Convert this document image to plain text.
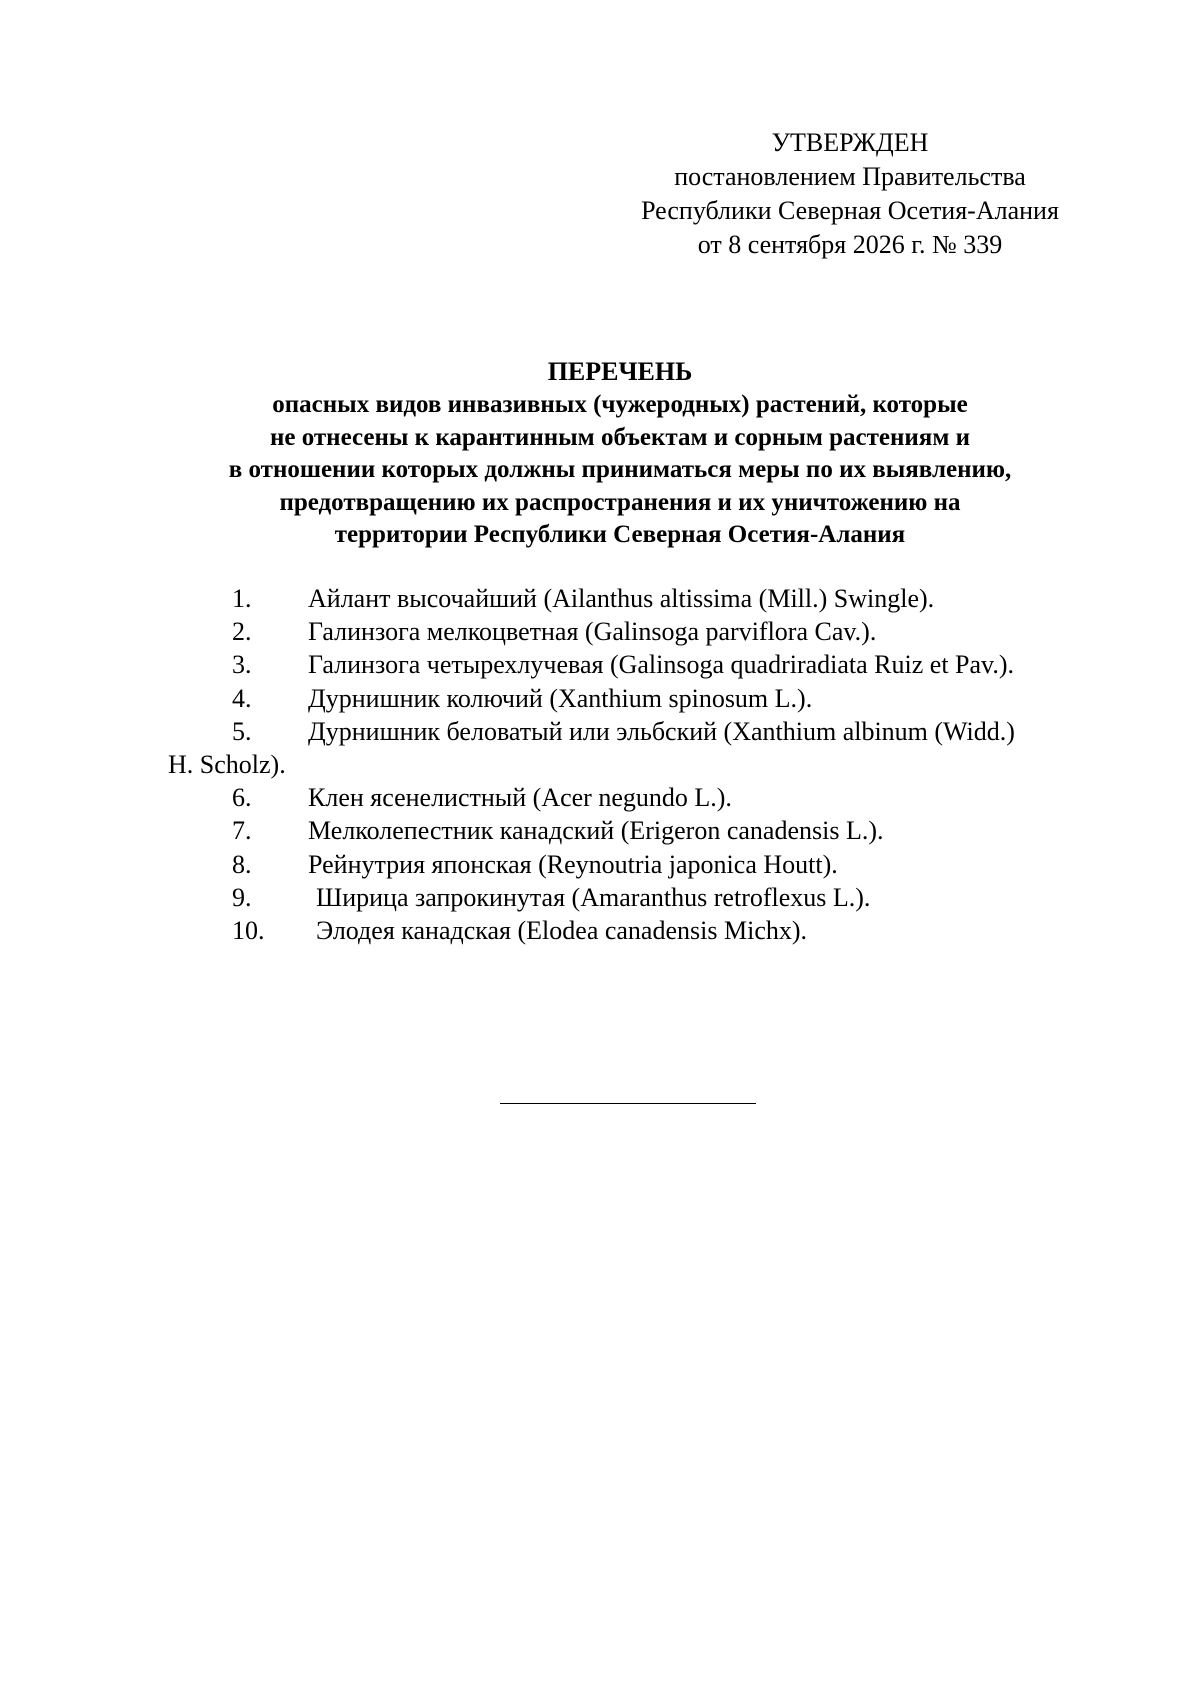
УТВЕРЖДЕН
постановлением Правительства
Республики Северная Осетия-Алания
от 8 сентября 2026 г. № 339
ПЕРЕЧЕНЬ
опасных видов инвазивных (чужеродных) растений, которые
не отнесены к карантинным объектам и сорным растениям и
в отношении которых должны приниматься меры по их выявлению,
предотвращению их распространения и их уничтожению на
территории Республики Северная Осетия-Алания
1.	Айлант высочайший (Ailanthus altissima (Mill.) Swingle).
2.	Галинзога мелкоцветная (Galinsoga parviflora Cav.).
3.	Галинзога четырехлучевая (Galinsoga quadriradiata Ruiz et Pav.).
4.	Дурнишник колючий (Xanthium spinosum L.).
5.	Дурнишник беловатый или эльбский (Xanthium albinum (Widd.)
H. Scholz).
6.	Клен ясенелистный (Acer negundo L.).
7.	Мелколепестник канадский (Erigeron canadensis L.).
8.	Рейнутрия японская (Reynoutria japonica Houtt).
9.	Ширица запрокинутая (Amaranthus retroflexus L.).
10. Элодея канадская (Elodea canadensis Michx).
